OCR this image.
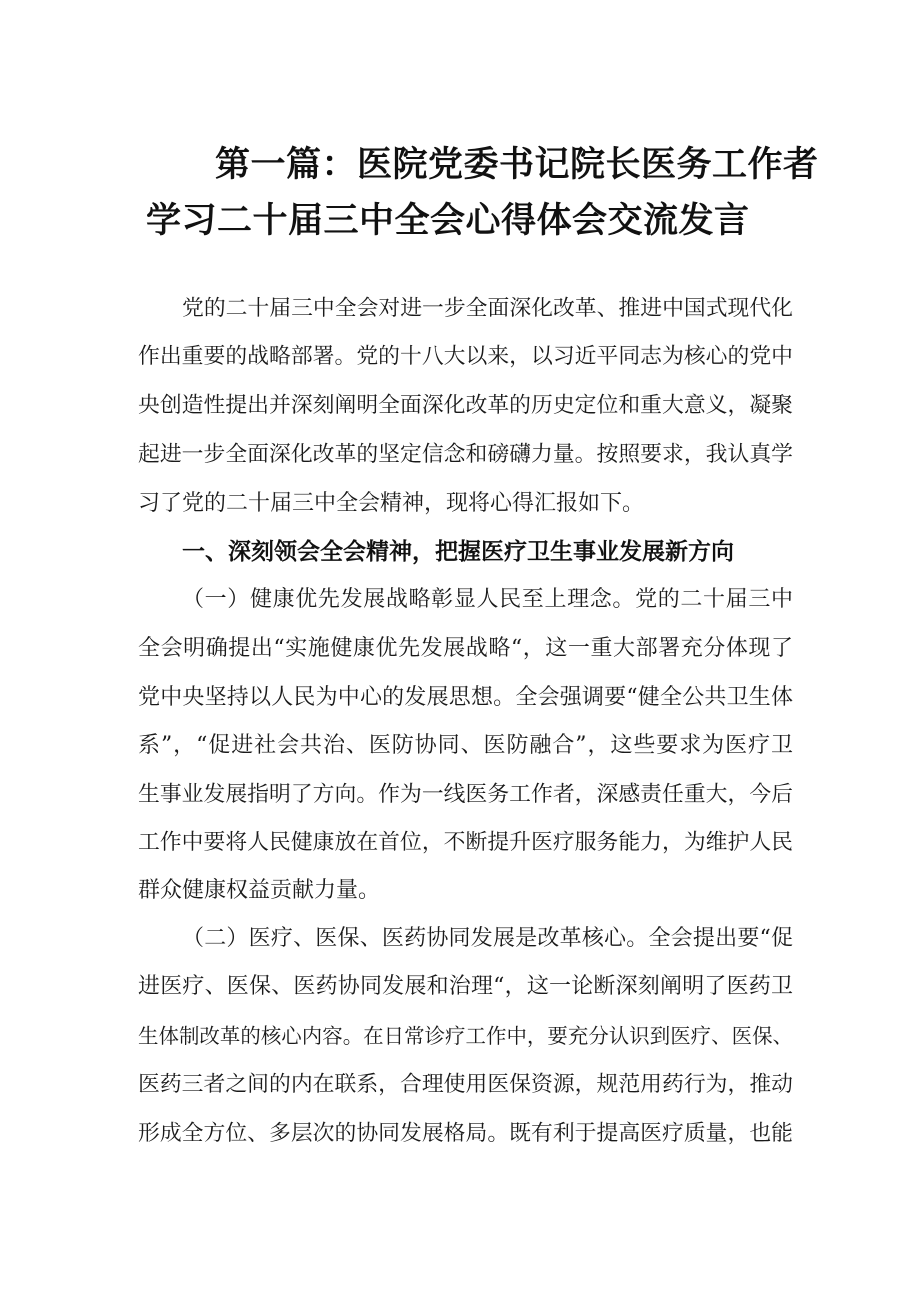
第一篇：医院党委书记院长医务工作者
学习二十届三中全会心得体会交流发言
党的二十届三中全会对进一步全面深化改革、推进中国式现代化
作出重要的战略部署。党的十八大以来，以习近平同志为核心的党中
央创造性提出并深刻阐明全面深化改革的历史定位和重大意义，凝聚
起进一步全面深化改革的坚定信念和磅礴力量。按照要求，我认真学
习了党的二十届三中全会精神，现将心得汇报如下。
一、深刻领会全会精神，把握医疗卫生事业发展新方向
（一）健康优先发展战略彰显人民至上理念。党的二十届三中
全会明确提出“实施健康优先发展战略“，这一重大部署充分体现了
党中央坚持以人民为中心的发展思想。全会强调要“健全公共卫生体
系”，“促进社会共治、医防协同、医防融合”，这些要求为医疗卫
生事业发展指明了方向。作为一线医务工作者，深感责任重大，今后
工作中要将人民健康放在首位，不断提升医疗服务能力，为维护人民
群众健康权益贡献力量。
（二）医疗、医保、医药协同发展是改革核心。全会提出要“促
进医疗、医保、医药协同发展和治理“，这一论断深刻阐明了医药卫
生体制改革的核心内容。在日常诊疗工作中，要充分认识到医疗、医保、
医药三者之间的内在联系，合理使用医保资源，规范用药行为，推动
形成全方位、多层次的协同发展格局。既有利于提高医疗质量，也能
